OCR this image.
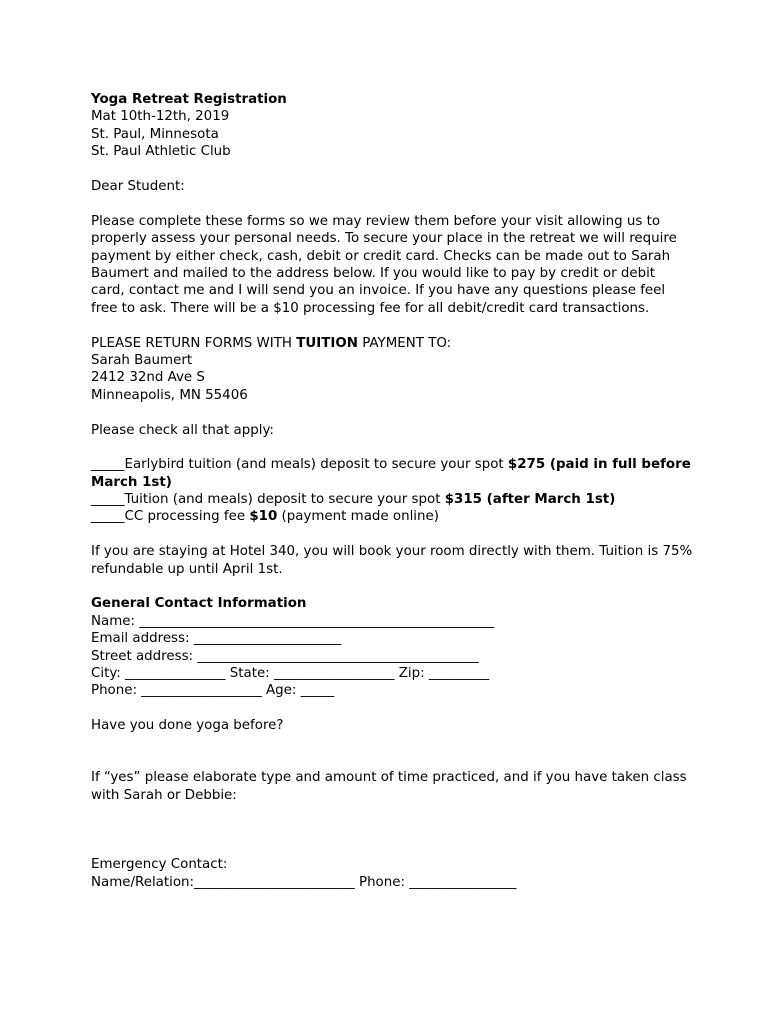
Yoga Retreat Registration
Mat 10th-12th, 2019
St. Paul, Minnesota
St. Paul Athletic Club
Dear Student:
Please complete these forms so we may review them before your visit allowing us to properly assess your personal needs. To secure your place in the retreat we will require payment by either check, cash, debit or credit card. Checks can be made out to Sarah Baumert and mailed to the address below. If you would like to pay by credit or debit card, contact me and I will send you an invoice. If you have any questions please feel free to ask. There will be a $10 processing fee for all debit/credit card transactions.
PLEASE RETURN FORMS WITH TUITION PAYMENT TO:
Sarah Baumert
2412 32nd Ave S
Minneapolis, MN 55406
Please check all that apply:
_____Earlybird tuition (and meals) deposit to secure your spot $275 (paid in full before
March 1st)
_____Tuition (and meals) deposit to secure your spot $315 (after March 1st)
_____CC processing fee $10 (payment made online)
If you are staying at Hotel 340, you will book your room directly with them. Tuition is 75%
refundable up until April 1st.
General Contact Information
Name: _____________________________________________________
Email address: ______________________
Street address: __________________________________________
City: _______________ State: __________________ Zip: _________
Phone: __________________ Age: _____
Have you done yoga before?
If “yes” please elaborate type and amount of time practiced, and if you have taken class
with Sarah or Debbie:
Emergency Contact:
Name/Relation:________________________ Phone: ________________
